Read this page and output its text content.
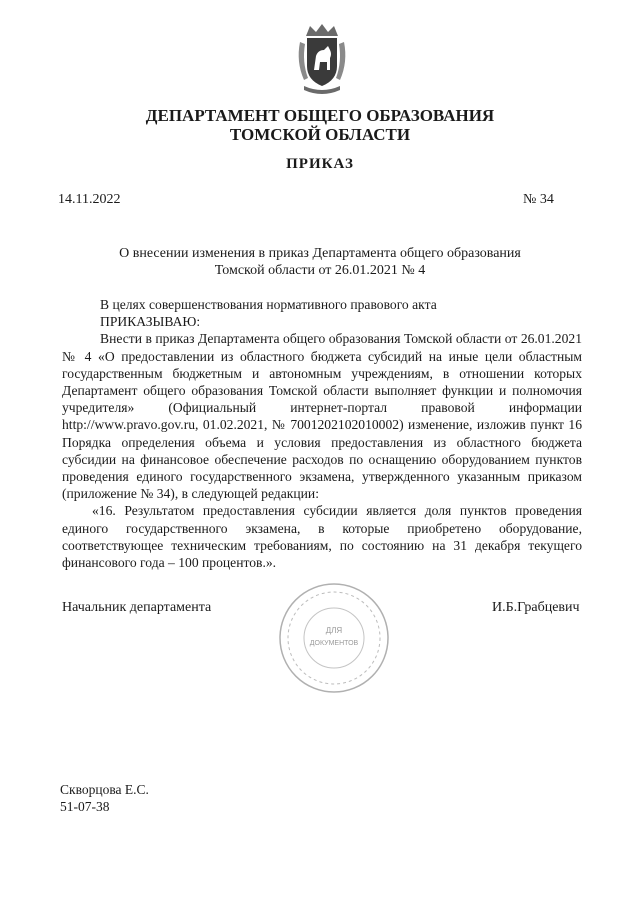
ДЕПАРТАМЕНТ ОБЩЕГО ОБРАЗОВАНИЯ
ТОМСКОЙ ОБЛАСТИ
ПРИКАЗ
14.11.2022	№ 34
О внесении изменения в приказ Департамента общего образования
Томской области от 26.01.2021 № 4

В целях совершенствования нормативного правового акта

ПРИКАЗЫВАЮ:

Внести в приказ Департамента общего образования Томской области от 26.01.2021 № 4 «О предоставлении из областного бюджета субсидий на иные цели областным государственным бюджетным и автономным учреждениям, в отношении которых Департамент общего образования Томской области выполняет функции и полномочия учредителя» (Официальный интернет-портал правовой информации http://www.pravo.gov.ru, 01.02.2021, № 7001202102010002) изменение, изложив пункт 16 Порядка определения объема и условия предоставления из областного бюджета субсидии на финансовое обеспечение расходов по оснащению оборудованием пунктов проведения единого государственного экзамена, утвержденного указанным приказом (приложение № 34), в следующей редакции:

«16. Результатом предоставления субсидии является доля пунктов проведения единого государственного экзамена, в которые приобретено оборудование, соответствующее техническим требованиям, по состоянию на 31 декабря текущего финансового года – 100 процентов.».

Начальник департамента
ДЛЯ
ДОКУМЕНТОВ
И.Б.Грабцевич
Скворцова Е.С.
51-07-38
